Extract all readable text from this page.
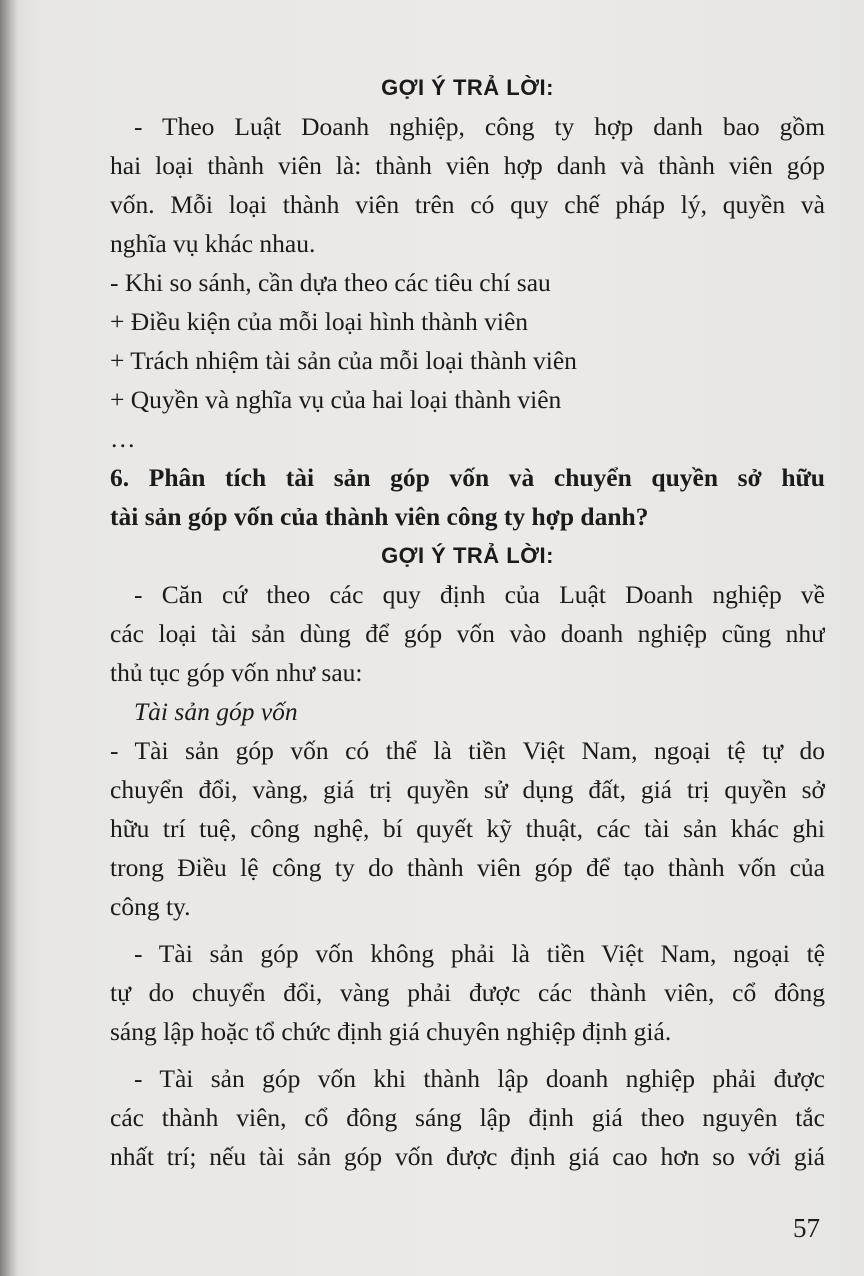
GỢI Ý TRẢ LỜI:
- Theo Luật Doanh nghiệp, công ty hợp danh bao gồm
hai loại thành viên là: thành viên hợp danh và thành viên góp
vốn. Mỗi loại thành viên trên có quy chế pháp lý, quyền và
nghĩa vụ khác nhau.
- Khi so sánh, cần dựa theo các tiêu chí sau
+ Điều kiện của mỗi loại hình thành viên
+ Trách nhiệm tài sản của mỗi loại thành viên
+ Quyền và nghĩa vụ của hai loại thành viên
…
6. Phân tích tài sản góp vốn và chuyển quyền sở hữu
tài sản góp vốn của thành viên công ty hợp danh?
GỢI Ý TRẢ LỜI:
- Căn cứ theo các quy định của Luật Doanh nghiệp về
các loại tài sản dùng để góp vốn vào doanh nghiệp cũng như
thủ tục góp vốn như sau:
Tài sản góp vốn
- Tài sản góp vốn có thể là tiền Việt Nam, ngoại tệ tự do
chuyển đổi, vàng, giá trị quyền sử dụng đất, giá trị quyền sở
hữu trí tuệ, công nghệ, bí quyết kỹ thuật, các tài sản khác ghi
trong Điều lệ công ty do thành viên góp để tạo thành vốn của
công ty.
- Tài sản góp vốn không phải là tiền Việt Nam, ngoại tệ
tự do chuyển đổi, vàng phải được các thành viên, cổ đông
sáng lập hoặc tổ chức định giá chuyên nghiệp định giá.
- Tài sản góp vốn khi thành lập doanh nghiệp phải được
các thành viên, cổ đông sáng lập định giá theo nguyên tắc
nhất trí; nếu tài sản góp vốn được định giá cao hơn so với giá
57
